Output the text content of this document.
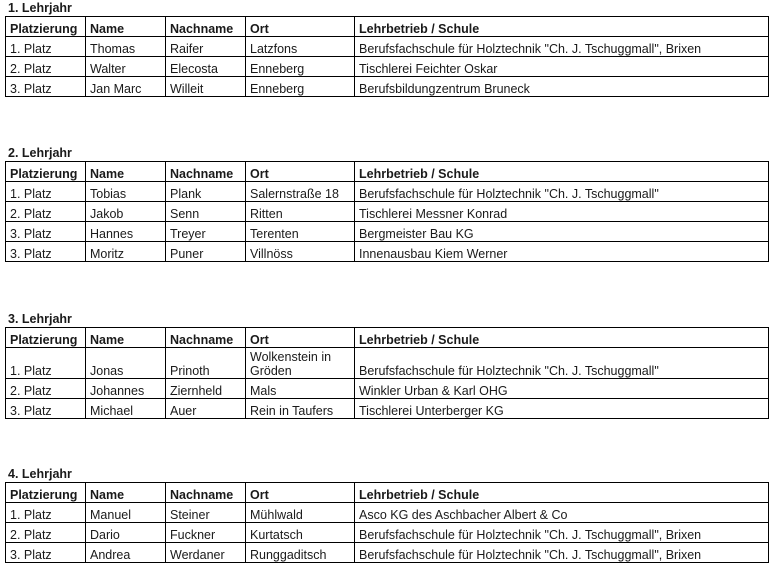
1. Lehrjahr
Platzierung	Name	Nachname	Ort	Lehrbetrieb / Schule
1. Platz	Thomas	Raifer	Latzfons	Berufsfachschule für Holztechnik "Ch. J. Tschuggmall", Brixen
2. Platz	Walter	Elecosta	Enneberg	Tischlerei Feichter Oskar
3. Platz	Jan Marc	Willeit	Enneberg	Berufsbildungzentrum Bruneck
2. Lehrjahr
Platzierung	Name	Nachname	Ort	Lehrbetrieb / Schule
1. Platz	Tobias	Plank	Salernstraße 18	Berufsfachschule für Holztechnik "Ch. J. Tschuggmall"
2. Platz	Jakob	Senn	Ritten	Tischlerei Messner Konrad
3. Platz	Hannes	Treyer	Terenten	Bergmeister Bau KG
3. Platz	Moritz	Puner	Villnöss	Innenausbau Kiem Werner
3. Lehrjahr
Platzierung	Name	Nachname	Ort	Lehrbetrieb / Schule
1. Platz	Jonas	Prinoth	Wolkenstein in Gröden	Berufsfachschule für Holztechnik "Ch. J. Tschuggmall"
2. Platz	Johannes	Ziernheld	Mals	Winkler Urban & Karl OHG
3. Platz	Michael	Auer	Rein in Taufers	Tischlerei Unterberger KG
4. Lehrjahr
Platzierung	Name	Nachname	Ort	Lehrbetrieb / Schule
1. Platz	Manuel	Steiner	Mühlwald	Asco KG des Aschbacher Albert & Co
2. Platz	Dario	Fuckner	Kurtatsch	Berufsfachschule für Holztechnik "Ch. J. Tschuggmall", Brixen
3. Platz	Andrea	Werdaner	Runggaditsch	Berufsfachschule für Holztechnik "Ch. J. Tschuggmall", Brixen
